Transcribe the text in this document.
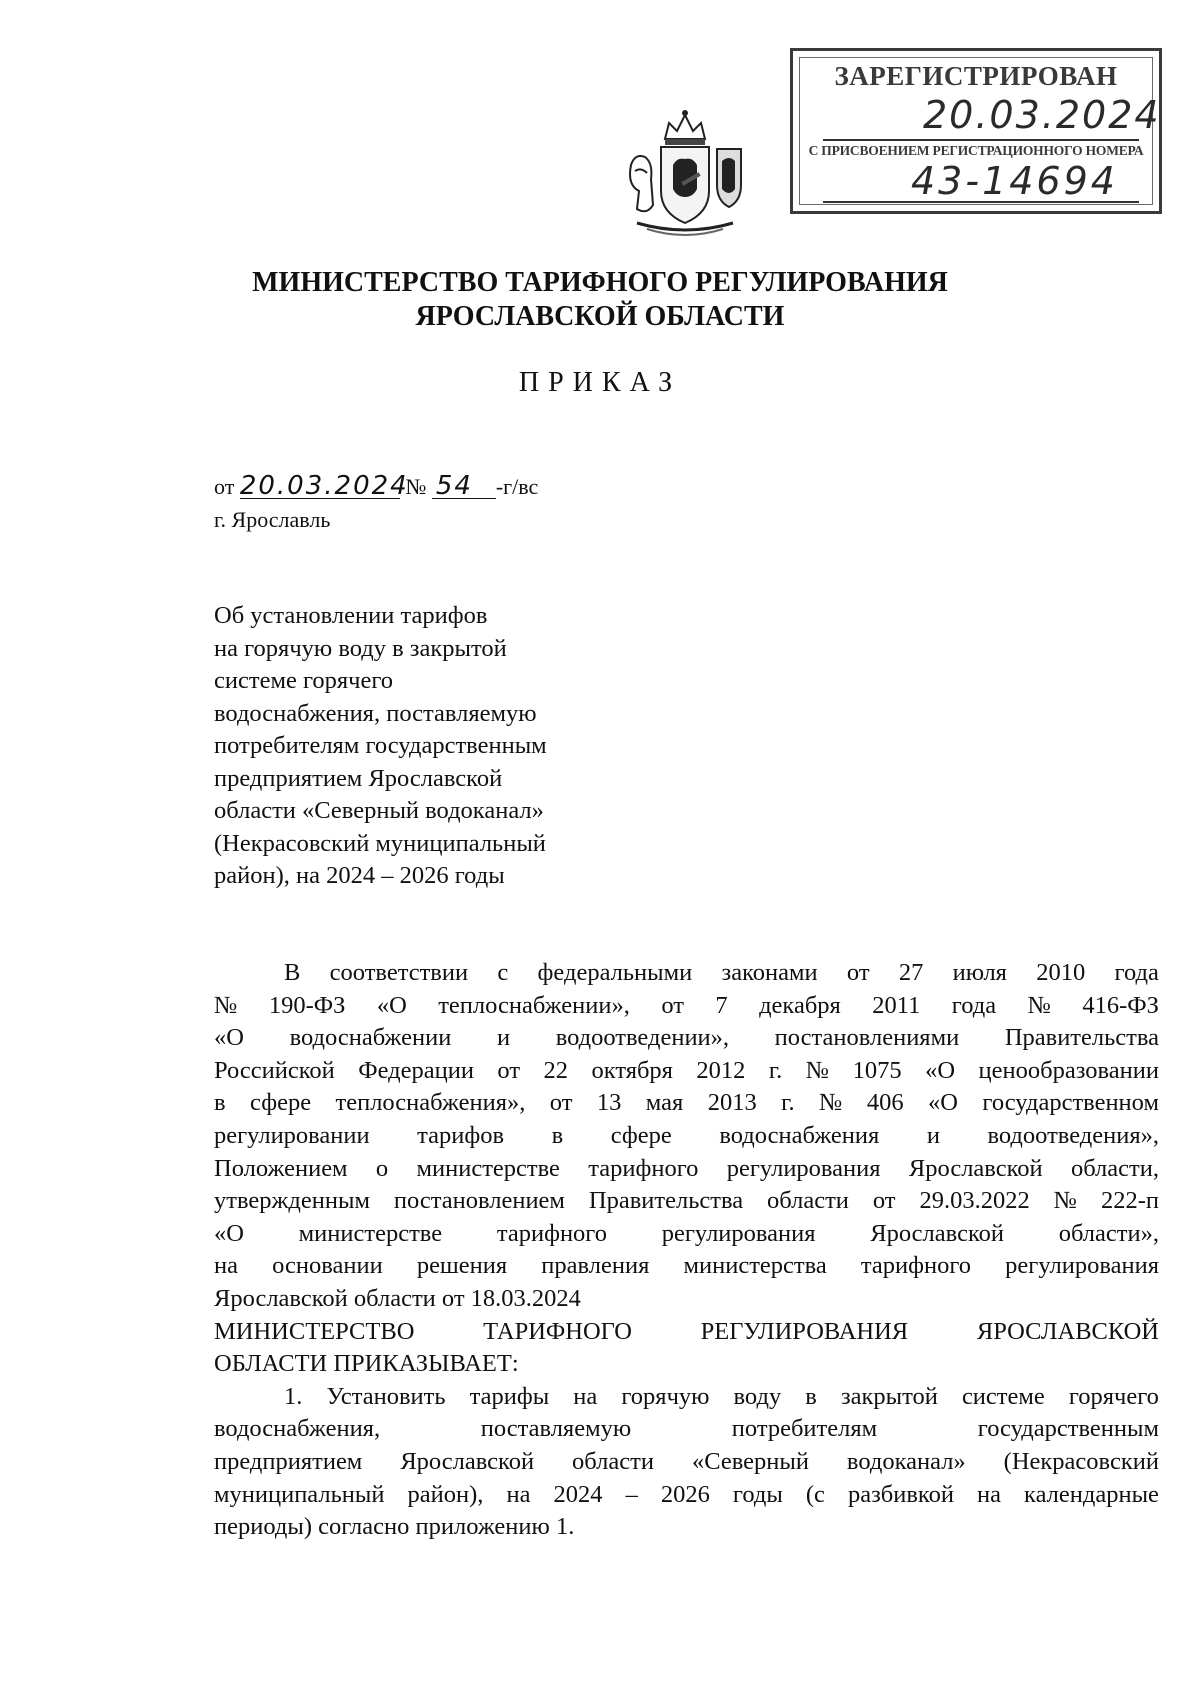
ЗАРЕГИСТРИРОВАН
20.03.2024
С ПРИСВОЕНИЕМ РЕГИСТРАЦИОННОГО НОМЕРА
43-14694
МИНИСТЕРСТВО ТАРИФНОГО РЕГУЛИРОВАНИЯ
ЯРОСЛАВСКОЙ ОБЛАСТИ
ПРИКАЗ
от 20.03.2024 № 54 -г/вс
г. Ярославль
Об установлении тарифов
на горячую воду в закрытой
системе горячего
водоснабжения, поставляемую
потребителям государственным
предприятием Ярославской
области «Северный водоканал»
(Некрасовский муниципальный
район), на 2024 – 2026 годы
В соответствии с федеральными законами от 27 июля 2010 года
№ 190-ФЗ «О теплоснабжении», от 7 декабря 2011 года № 416-ФЗ
«О водоснабжении и водоотведении», постановлениями Правительства
Российской Федерации от 22 октября 2012 г. № 1075 «О ценообразовании
в сфере теплоснабжения», от 13 мая 2013 г. № 406 «О государственном
регулировании тарифов в сфере водоснабжения и водоотведения»,
Положением о министерстве тарифного регулирования Ярославской области,
утвержденным постановлением Правительства области от 29.03.2022 № 222-п
«О министерстве тарифного регулирования Ярославской области»,
на основании решения правления министерства тарифного регулирования
Ярославской области от 18.03.2024
МИНИСТЕРСТВО	ТАРИФНОГО	РЕГУЛИРОВАНИЯ	ЯРОСЛАВСКОЙ
ОБЛАСТИ ПРИКАЗЫВАЕТ:
1. Установить тарифы на горячую воду в закрытой системе горячего
водоснабжения,	поставляемую	потребителям	государственным
предприятием Ярославской области «Северный водоканал» (Некрасовский
муниципальный район), на 2024 – 2026 годы (с разбивкой на календарные
периоды) согласно приложению 1.
